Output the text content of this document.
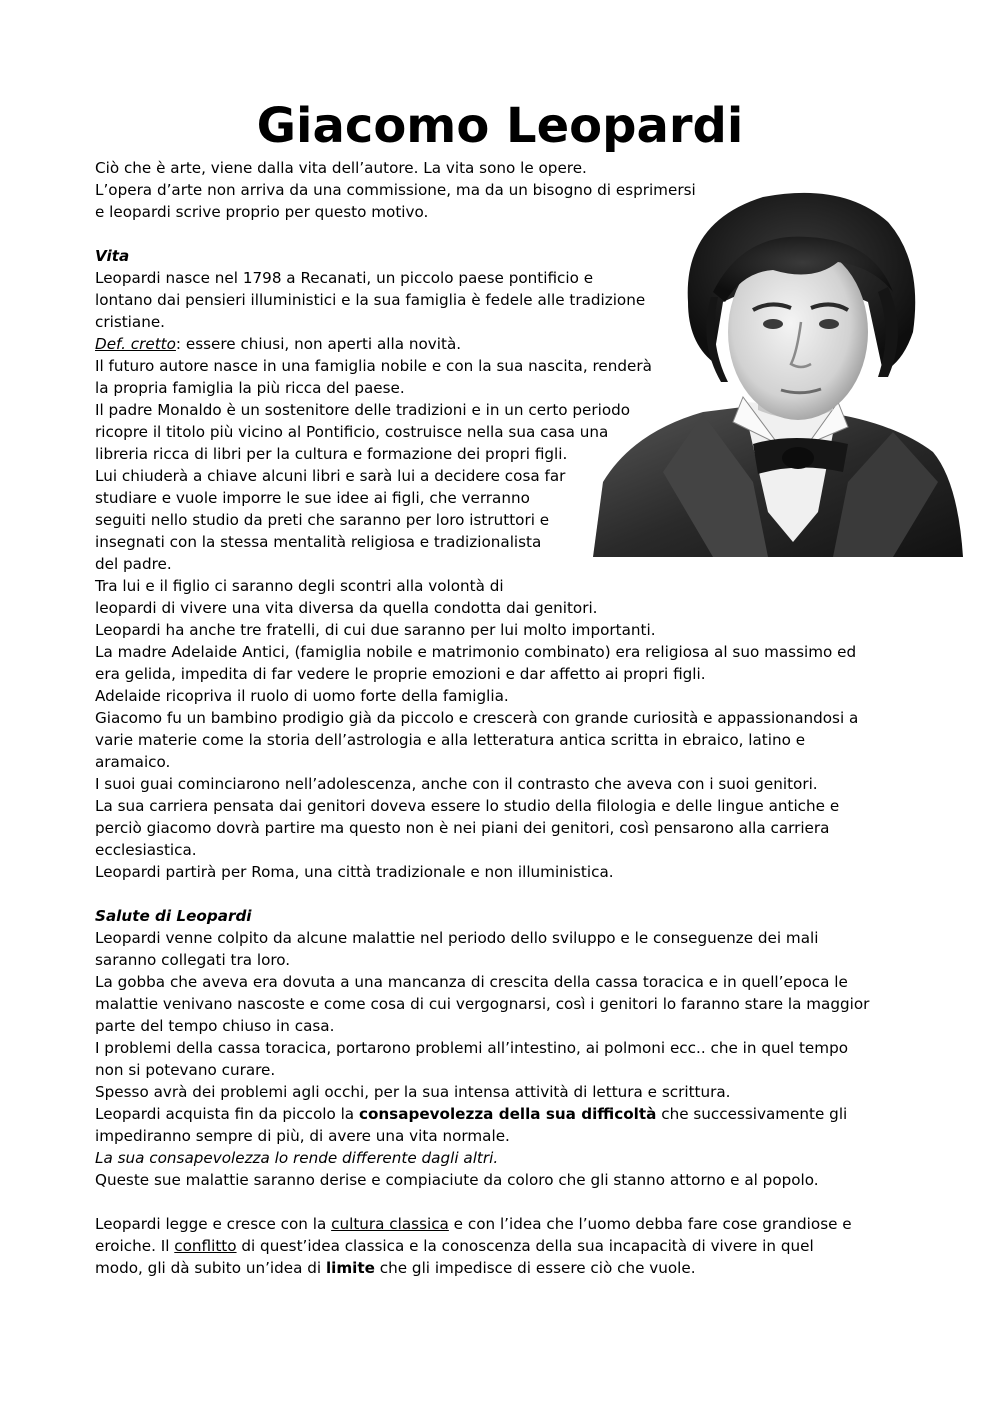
Giacomo Leopardi

Ciò che è arte, viene dalla vita dell’autore. La vita sono le opere.

L’opera d’arte non arriva da una commissione, ma da un bisogno di esprimersi

e leopardi scrive proprio per questo motivo.

Vita

Leopardi nasce nel 1798 a Recanati, un piccolo paese pontificio e

lontano dai pensieri illuministici e la sua famiglia è fedele alle tradizione

cristiane.

Def. cretto: essere chiusi, non aperti alla novità.

Il futuro autore nasce in una famiglia nobile e con la sua nascita, renderà

la propria famiglia la più ricca del paese.

Il padre Monaldo è un sostenitore delle tradizioni e in un certo periodo

ricopre il titolo più vicino al Pontificio, costruisce nella sua casa una

libreria ricca di libri per la cultura e formazione dei propri figli.

Lui chiuderà a chiave alcuni libri e sarà lui a decidere cosa far

studiare e vuole imporre le sue idee ai figli, che verranno

seguiti nello studio da preti che saranno per loro istruttori e

insegnati con la stessa mentalità religiosa e tradizionalista

del padre.

Tra lui e il figlio ci saranno degli scontri alla volontà di

leopardi di vivere una vita diversa da quella condotta dai genitori.

Leopardi ha anche tre fratelli, di cui due saranno per lui molto importanti.

La madre Adelaide Antici, (famiglia nobile e matrimonio combinato) era religiosa al suo massimo ed

era gelida, impedita di far vedere le proprie emozioni e dar affetto ai propri figli.

Adelaide ricopriva il ruolo di uomo forte della famiglia.

Giacomo fu un bambino prodigio già da piccolo e crescerà con grande curiosità e appassionandosi a

varie materie come la storia dell’astrologia e alla letteratura antica scritta in ebraico, latino e

aramaico.

I suoi guai cominciarono nell’adolescenza, anche con il contrasto che aveva con i suoi genitori.

La sua carriera pensata dai genitori doveva essere lo studio della filologia e delle lingue antiche e

perciò giacomo dovrà partire ma questo non è nei piani dei genitori, così pensarono alla carriera

ecclesiastica.

Leopardi partirà per Roma, una città tradizionale e non illuministica.

Salute di Leopardi

Leopardi venne colpito da alcune malattie nel periodo dello sviluppo e le conseguenze dei mali

saranno collegati tra loro.

La gobba che aveva era dovuta a una mancanza di crescita della cassa toracica e in quell’epoca le

malattie venivano nascoste e come cosa di cui vergognarsi, così i genitori lo faranno stare la maggior

parte del tempo chiuso in casa.

I problemi della cassa toracica, portarono problemi all’intestino, ai polmoni ecc.. che in quel tempo

non si potevano curare.

Spesso avrà dei problemi agli occhi, per la sua intensa attività di lettura e scrittura.

Leopardi acquista fin da piccolo la consapevolezza della sua difficoltà che successivamente gli

impediranno sempre di più, di avere una vita normale.

La sua consapevolezza lo rende differente dagli altri.

Queste sue malattie saranno derise e compiaciute da coloro che gli stanno attorno e al popolo.

Leopardi legge e cresce con la cultura classica e con l’idea che l’uomo debba fare cose grandiose e

eroiche. Il conflitto di quest’idea classica e la conoscenza della sua incapacità di vivere in quel

modo, gli dà subito un’idea di limite che gli impedisce di essere ciò che vuole.
